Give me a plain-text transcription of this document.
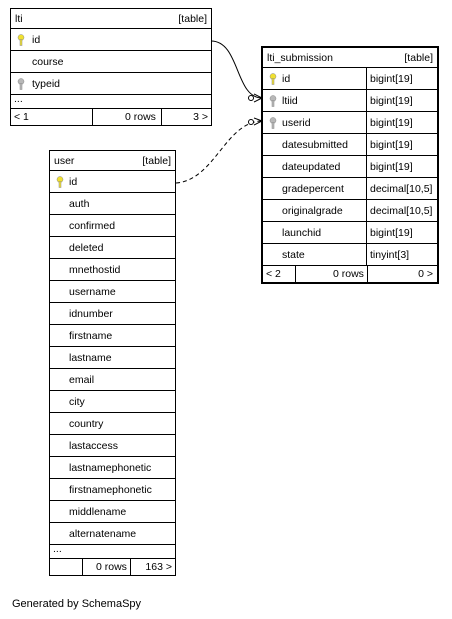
lti	[table]
id
course
typeid
...
< 1	0 rows	3 >
user	[table]
id
auth
confirmed
deleted
mnethostid
username
idnumber
firstname
lastname
email
city
country
lastaccess
lastnamephonetic
firstnamephonetic
middlename
alternatename
...
0 rows 163 >
lti_submission	[table]
id	bigint[19]
ltiid	bigint[19]
userid	bigint[19]
datesubmitted bigint[19]
dateupdated	bigint[19]
gradepercent decimal[10,5]
originalgrade	decimal[10,5]
launchid	bigint[19]
state	tinyint[3]
< 2	0 rows	0 >
Generated by SchemaSpy
